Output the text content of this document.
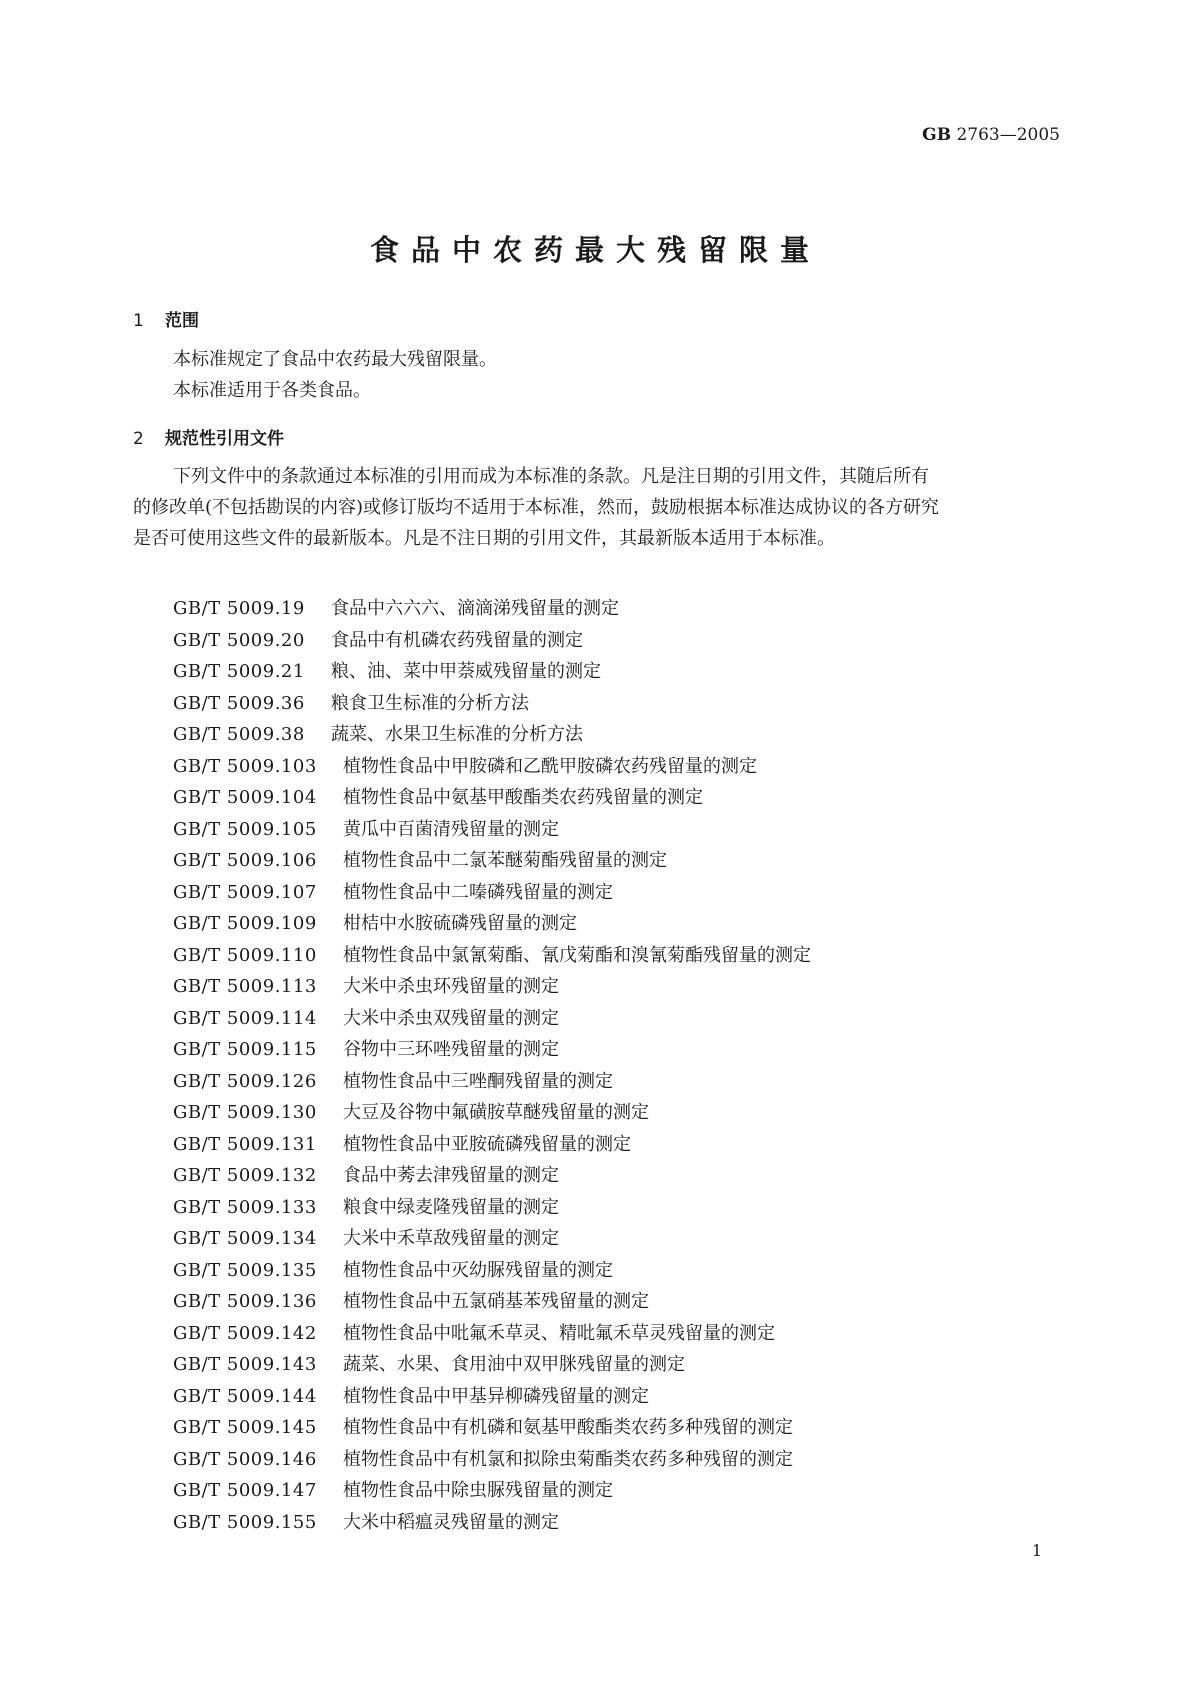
GB 2763—2005
食品中农药最大残留限量
1 范围
本标准规定了食品中农药最大残留限量。
本标准适用于各类食品。
2 规范性引用文件
下列文件中的条款通过本标准的引用而成为本标准的条款。凡是注日期的引用文件，其随后所有
的修改单(不包括勘误的内容)或修订版均不适用于本标准，然而，鼓励根据本标准达成协议的各方研究
是否可使用这些文件的最新版本。凡是不注日期的引用文件，其最新版本适用于本标准。
GB/T 5009.19 食品中六六六、滴滴涕残留量的测定
GB/T 5009.20 食品中有机磷农药残留量的测定
GB/T 5009.21 粮、油、菜中甲萘威残留量的测定
GB/T 5009.36 粮食卫生标准的分析方法
GB/T 5009.38 蔬菜、水果卫生标准的分析方法
GB/T 5009.103 植物性食品中甲胺磷和乙酰甲胺磷农药残留量的测定
GB/T 5009.104 植物性食品中氨基甲酸酯类农药残留量的测定
GB/T 5009.105 黄瓜中百菌清残留量的测定
GB/T 5009.106 植物性食品中二氯苯醚菊酯残留量的测定
GB/T 5009.107 植物性食品中二嗪磷残留量的测定
GB/T 5009.109 柑桔中水胺硫磷残留量的测定
GB/T 5009.110 植物性食品中氯氰菊酯、氰戊菊酯和溴氰菊酯残留量的测定
GB/T 5009.113 大米中杀虫环残留量的测定
GB/T 5009.114 大米中杀虫双残留量的测定
GB/T 5009.115 谷物中三环唑残留量的测定
GB/T 5009.126 植物性食品中三唑酮残留量的测定
GB/T 5009.130 大豆及谷物中氟磺胺草醚残留量的测定
GB/T 5009.131 植物性食品中亚胺硫磷残留量的测定
GB/T 5009.132 食品中莠去津残留量的测定
GB/T 5009.133 粮食中绿麦隆残留量的测定
GB/T 5009.134 大米中禾草敌残留量的测定
GB/T 5009.135 植物性食品中灭幼脲残留量的测定
GB/T 5009.136 植物性食品中五氯硝基苯残留量的测定
GB/T 5009.142 植物性食品中吡氟禾草灵、精吡氟禾草灵残留量的测定
GB/T 5009.143 蔬菜、水果、食用油中双甲脒残留量的测定
GB/T 5009.144 植物性食品中甲基异柳磷残留量的测定
GB/T 5009.145 植物性食品中有机磷和氨基甲酸酯类农药多种残留的测定
GB/T 5009.146 植物性食品中有机氯和拟除虫菊酯类农药多种残留的测定
GB/T 5009.147 植物性食品中除虫脲残留量的测定
GB/T 5009.155 大米中稻瘟灵残留量的测定
1
